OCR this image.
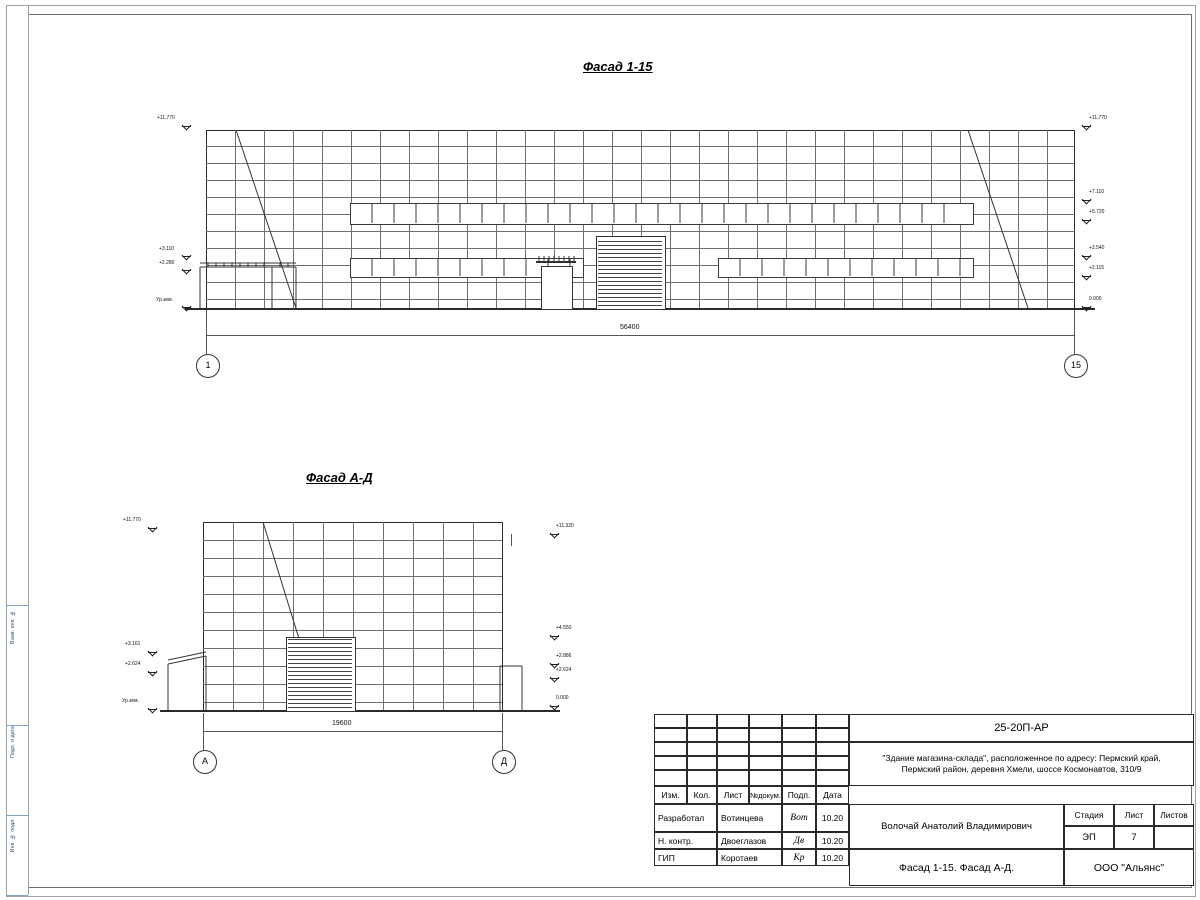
Взам. инв. №
Подп. и дата
Инв. № подл.
Фасад 1-15
+11.770
+3.110
+2.280
Ур.зем.
+11.770
+7.110
+5.720
+3.540
+2.115
0.000
56400
1	15
Фасад А-Д
+11.770
+3.161
+2.624
Ур.зем.
+11.320
+4.550
+2.886
+2.624
0.000
19600
А	Д
25-20П-АР
"Здание магазина-склада", расположенное по адресу: Пермский край,
Пермский район, деревня Хмели, шоссе Космонавтов, 310/9
Изм.	Кол.	Лист	№докум. Подп.	Дата
Разработал	Вотинцева	Вот	10.20
Н. контр.	Двоеглазов	Дв	10.20
ГИП	Коротаев	Кр	10.20
Волочай Анатолий Владимирович
Фасад 1-15. Фасад А-Д.
Стадия	Лист	Листов
ЭП	7
ООО "Альянс"
